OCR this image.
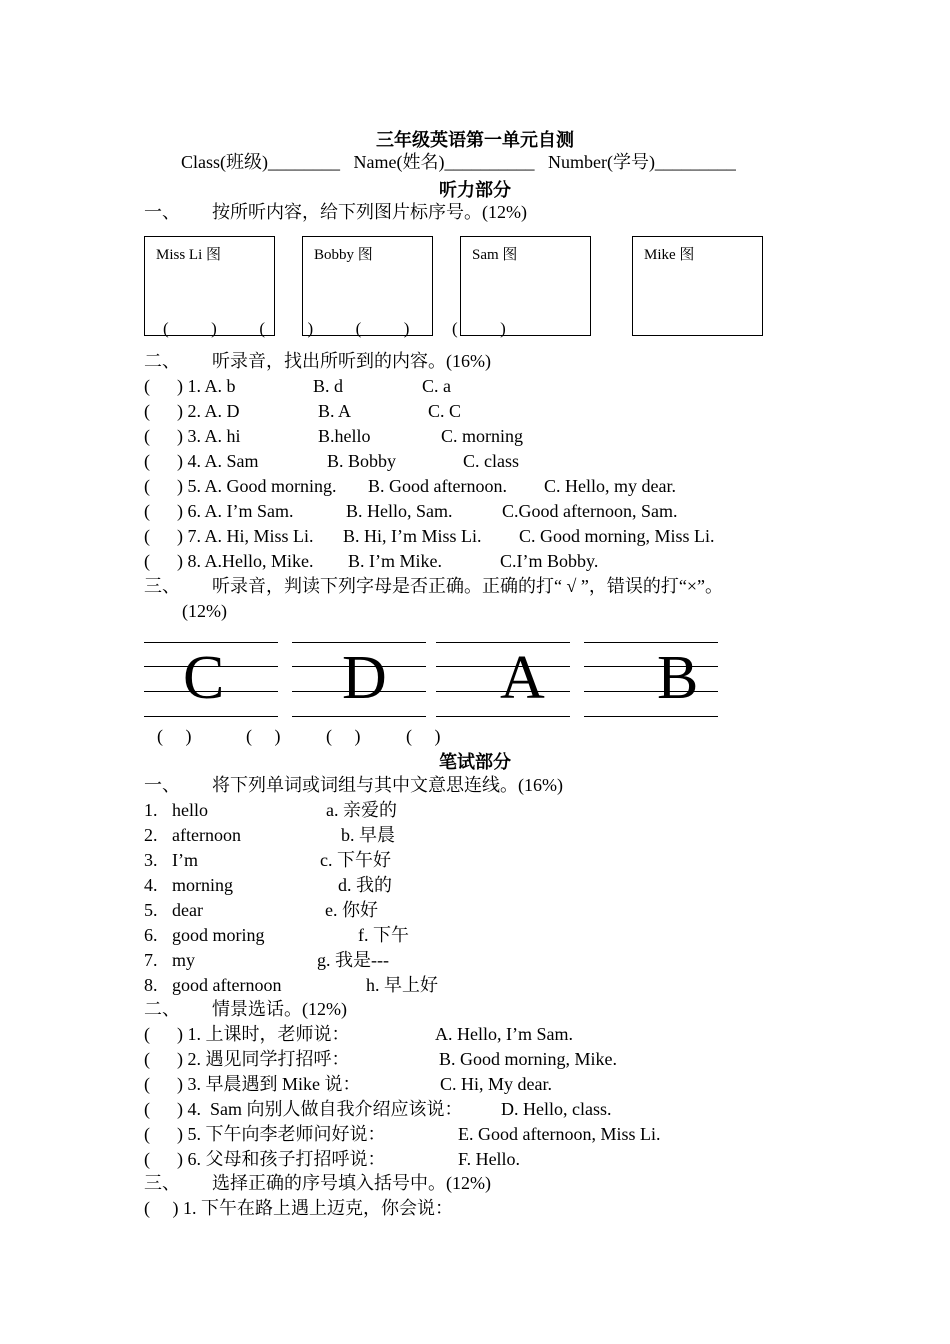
三年级英语第一单元自测
Class(班级)________   Name(姓名)__________   Number(学号)_________
听力部分
一、 按所听内容，给下列图片标序号。(12%)
Miss Li 图	Bobby 图	Sam 图	Mike 图
(          )          (          )          (          )          (          )
二、 听录音，找出所听到的内容。(16%)
(      ) 1. A. b	B. d	C. a
(      ) 2. A. D	B. A	C. C
(      ) 3. A. hi	B.hello	C. morning
(      ) 4. A. Sam	B. Bobby	C. class
(      ) 5. A. Good morning. B. Good afternoon. C. Hello, my dear.
(      ) 6. A. I’m Sam.	B. Hello, Sam.	C.Good afternoon, Sam.
(      ) 7. A. Hi, Miss Li. B. Hi, I’m Miss Li. C. Good morning, Miss Li.
(      ) 8. A.Hello, Mike. B. I’m Mike.	C.I’m Bobby.
三、 听录音，判读下列字母是否正确。正确的打“ √ ”，错误的打“×”。
(12%)
C D A B
(     )	(     )	(     )	(     )
笔试部分
一、 将下列单词或词组与其中文意思连线。(16%)
1. hello	a. 亲爱的
2. afternoon	b. 早晨
3. I’m	c. 下午好
4. morning	d. 我的
5. dear	e. 你好
6. good moring	f. 下午
7. my	g. 我是---
8. good afternoon	h. 早上好
二、 情景选话。(12%)
(      ) 1. 上课时，老师说：	A. Hello, I’m Sam.
(      ) 2. 遇见同学打招呼：	B. Good morning, Mike.
(      ) 3. 早晨遇到 Mike 说：	C. Hi, My dear.
(      ) 4.  Sam 向别人做自我介绍应该说： D. Hello, class.
(      ) 5. 下午向李老师问好说：	E. Good afternoon, Miss Li.
(      ) 6. 父母和孩子打招呼说：	F. Hello.
三、 选择正确的序号填入括号中。(12%)
(     ) 1. 下午在路上遇上迈克，你会说：
